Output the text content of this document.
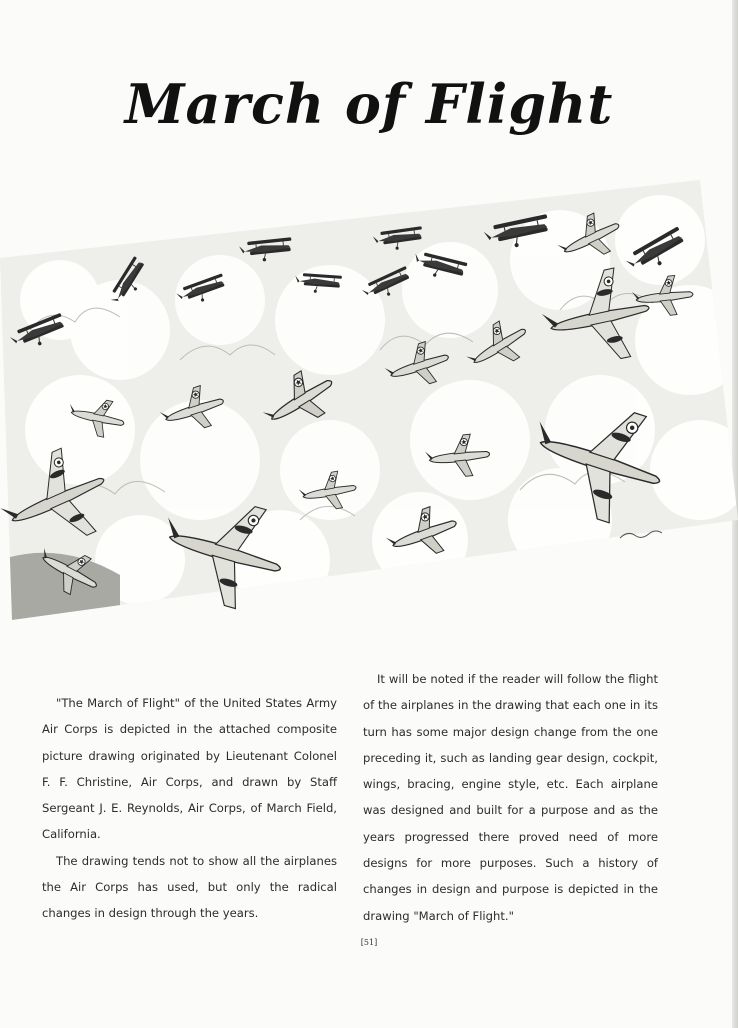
March of Flight

"The March of Flight" of the United States Army Air Corps is depicted in the attached composite picture drawing originated by Lieutenant Colonel F. F. Christine, Air Corps, and drawn by Staff Sergeant J. E. Reynolds, Air Corps, of March Field, California.

The drawing tends not to show all the airplanes the Air Corps has used, but only the radical changes in design through the years.

It will be noted if the reader will follow the flight of the airplanes in the drawing that each one in its turn has some major design change from the one preceding it, such as landing gear design, cockpit, wings, bracing, engine style, etc. Each airplane was designed and built for a purpose and as the years progressed there proved need of more designs for more purposes. Such a history of changes in design and purpose is depicted in the drawing "March of Flight."

[51]
